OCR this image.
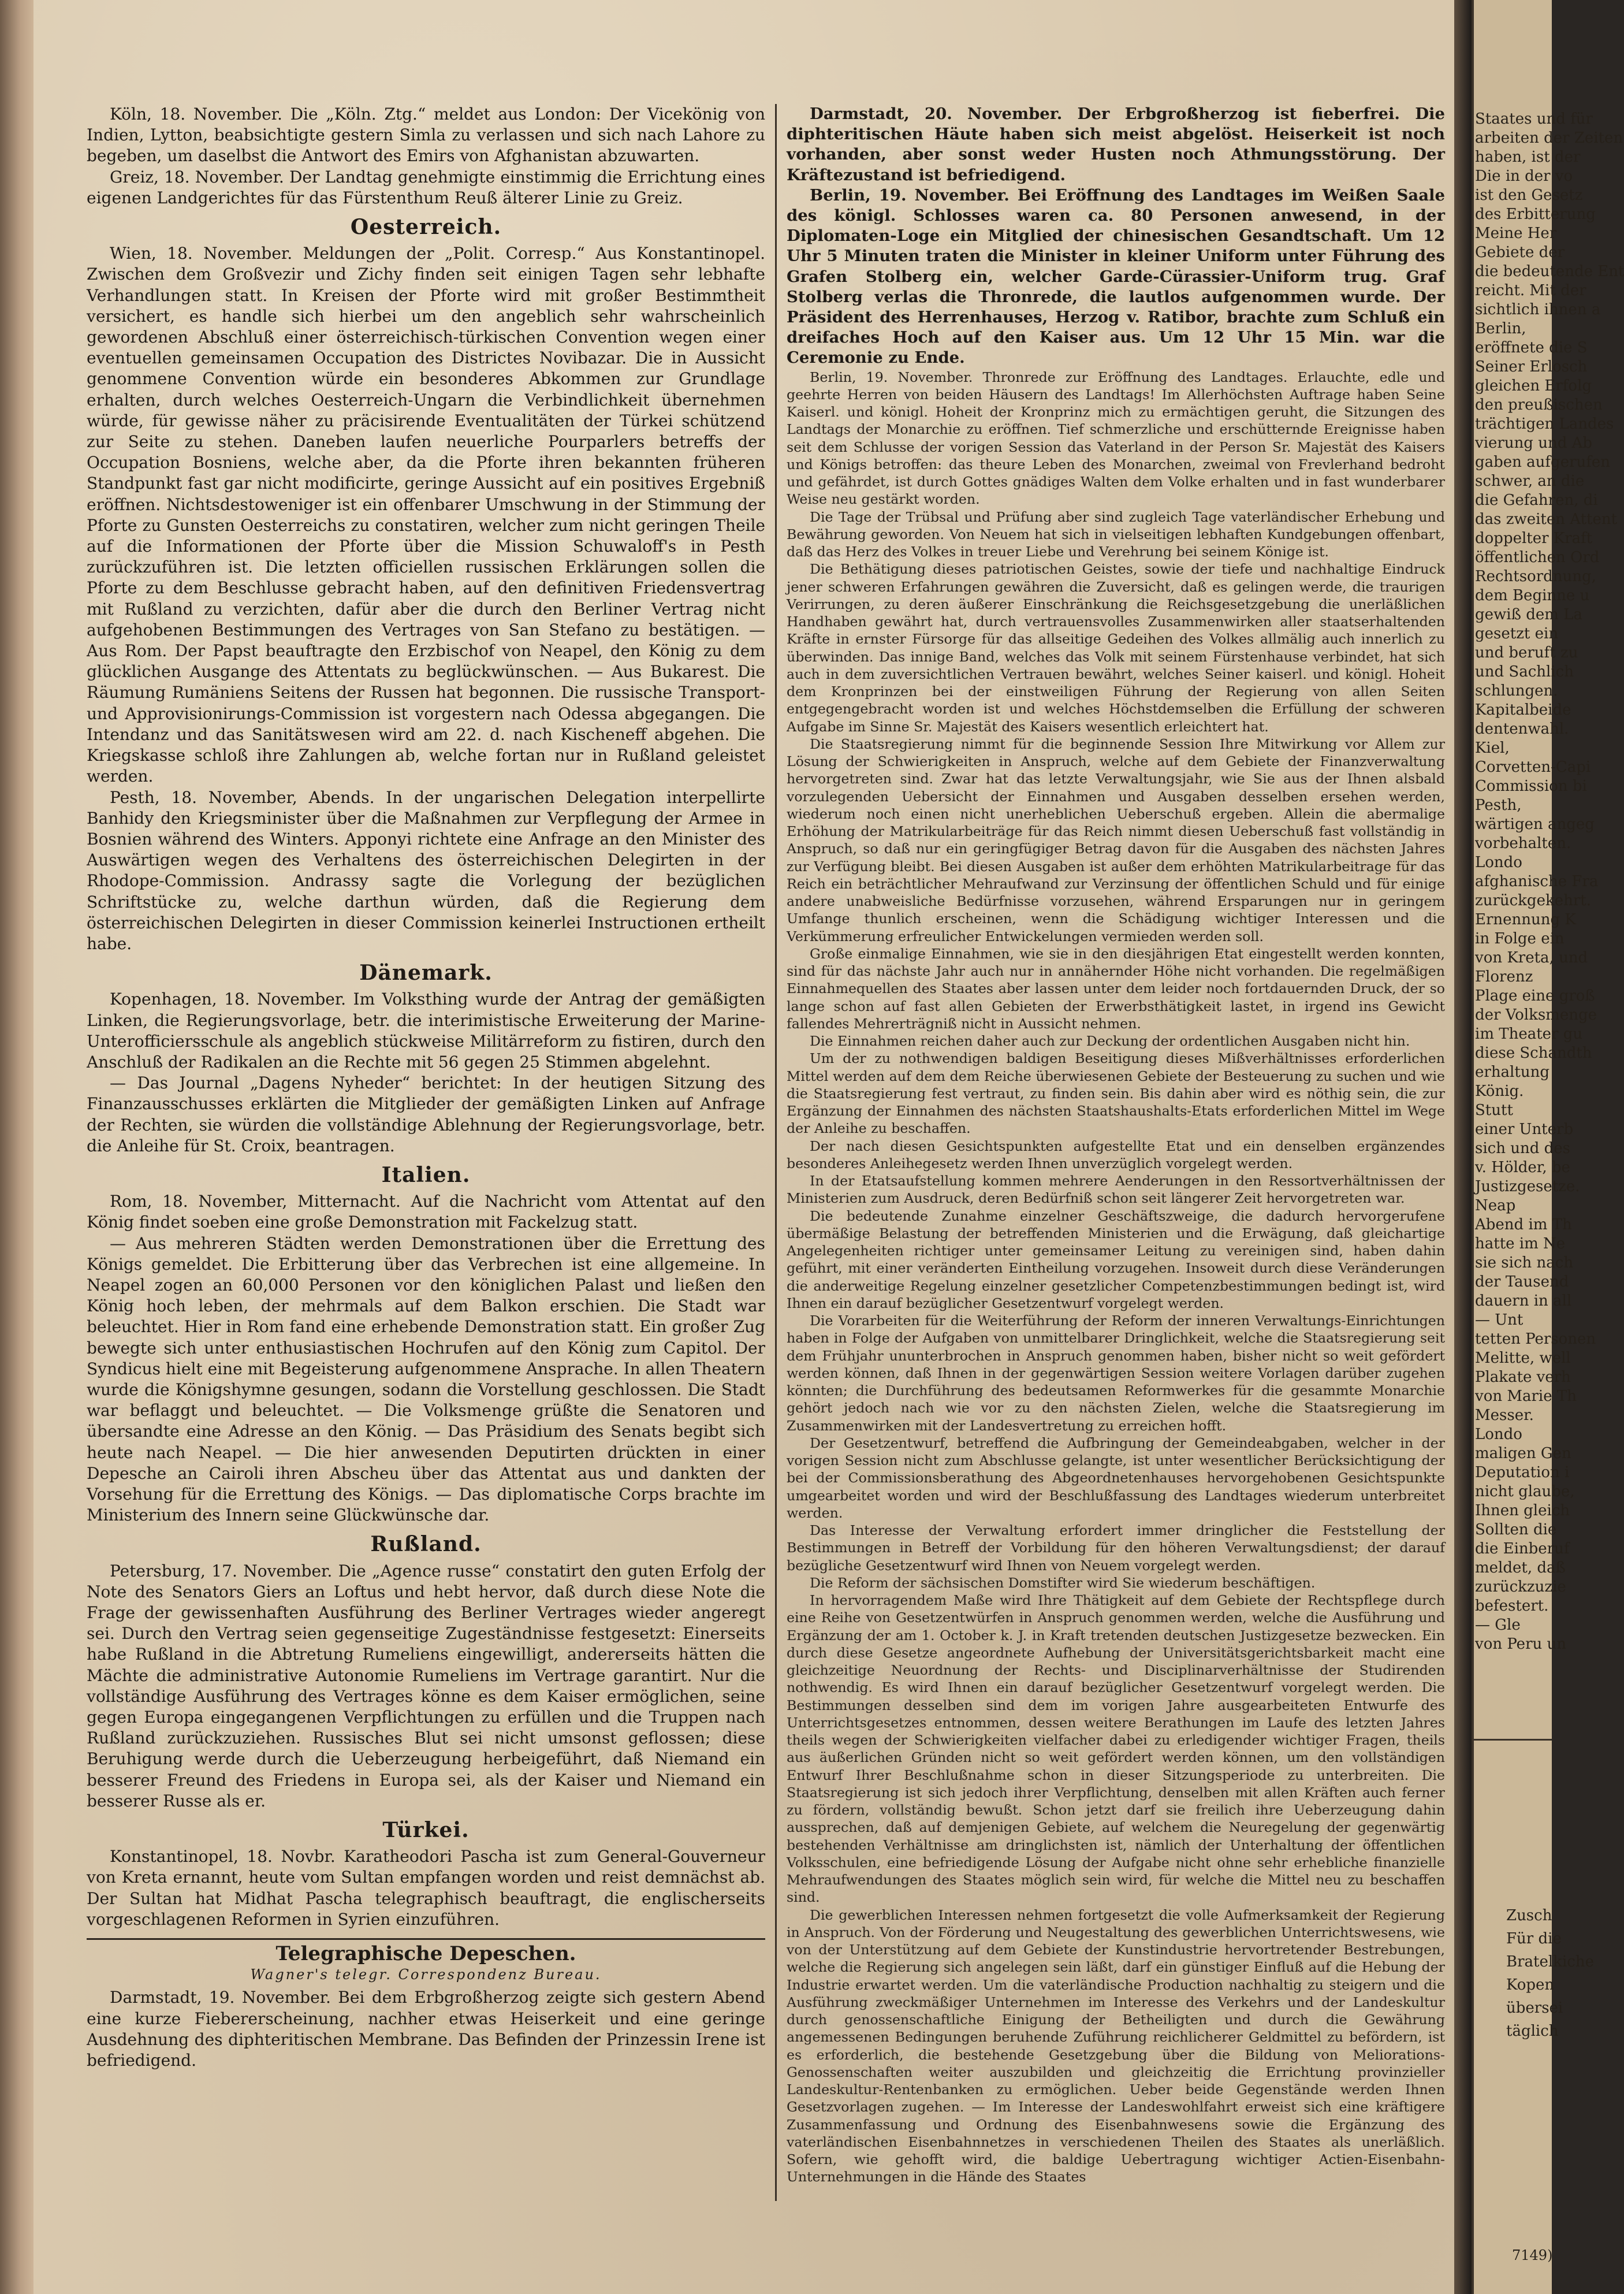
Köln, 18. November. Die „Köln. Ztg.“ meldet aus London: Der Vicekönig von Indien, Lytton, beabsichtigte gestern Simla zu verlassen und sich nach Lahore zu begeben, um daselbst die Antwort des Emirs von Afghanistan abzuwarten.

Greiz, 18. November. Der Landtag genehmigte einstimmig die Errichtung eines eigenen Landgerichtes für das Fürstenthum Reuß älterer Linie zu Greiz.

Oesterreich.

Wien, 18. November. Meldungen der „Polit. Corresp.“ Aus Konstantinopel. Zwischen dem Großvezir und Zichy finden seit einigen Tagen sehr lebhafte Verhandlungen statt. In Kreisen der Pforte wird mit großer Bestimmtheit versichert, es handle sich hierbei um den angeblich sehr wahrscheinlich gewordenen Abschluß einer österreichisch-türkischen Convention wegen einer eventuellen gemeinsamen Occupation des Districtes Novibazar. Die in Aussicht genommene Convention würde ein besonderes Abkommen zur Grundlage erhalten, durch welches Oesterreich-Ungarn die Verbindlichkeit übernehmen würde, für gewisse näher zu präcisirende Eventualitäten der Türkei schützend zur Seite zu stehen. Daneben laufen neuerliche Pourparlers betreffs der Occupation Bosniens, welche aber, da die Pforte ihren bekannten früheren Standpunkt fast gar nicht modificirte, geringe Aussicht auf ein positives Ergebniß eröffnen. Nichtsdestoweniger ist ein offenbarer Umschwung in der Stimmung der Pforte zu Gunsten Oesterreichs zu constatiren, welcher zum nicht geringen Theile auf die Informationen der Pforte über die Mission Schuwaloff's in Pesth zurückzuführen ist. Die letzten officiellen russischen Erklärungen sollen die Pforte zu dem Beschlusse gebracht haben, auf den definitiven Friedensvertrag mit Rußland zu verzichten, dafür aber die durch den Berliner Vertrag nicht aufgehobenen Bestimmungen des Vertrages von San Stefano zu bestätigen. — Aus Rom. Der Papst beauftragte den Erzbischof von Neapel, den König zu dem glücklichen Ausgange des Attentats zu beglückwünschen. — Aus Bukarest. Die Räumung Rumäniens Seitens der Russen hat begonnen. Die russische Transport- und Approvisionirungs-Commission ist vorgestern nach Odessa abgegangen. Die Intendanz und das Sanitätswesen wird am 22. d. nach Kischeneff abgehen. Die Kriegskasse schloß ihre Zahlungen ab, welche fortan nur in Rußland geleistet werden.

Pesth, 18. November, Abends. In der ungarischen Delegation interpellirte Banhidy den Kriegsminister über die Maßnahmen zur Verpflegung der Armee in Bosnien während des Winters. Apponyi richtete eine Anfrage an den Minister des Auswärtigen wegen des Verhaltens des österreichischen Delegirten in der Rhodope-Commission. Andrassy sagte die Vorlegung der bezüglichen Schriftstücke zu, welche darthun würden, daß die Regierung dem österreichischen Delegirten in dieser Commission keinerlei Instructionen ertheilt habe.

Dänemark.

Kopenhagen, 18. November. Im Volksthing wurde der Antrag der gemäßigten Linken, die Regierungsvorlage, betr. die interimistische Erweiterung der Marine-Unterofficiersschule als angeblich stückweise Militärreform zu fistiren, durch den Anschluß der Radikalen an die Rechte mit 56 gegen 25 Stimmen abgelehnt.

— Das Journal „Dagens Nyheder“ berichtet: In der heutigen Sitzung des Finanzausschusses erklärten die Mitglieder der gemäßigten Linken auf Anfrage der Rechten, sie würden die vollständige Ablehnung der Regierungsvorlage, betr. die Anleihe für St. Croix, beantragen.

Italien.

Rom, 18. November, Mitternacht. Auf die Nachricht vom Attentat auf den König findet soeben eine große Demonstration mit Fackelzug statt.

— Aus mehreren Städten werden Demonstrationen über die Errettung des Königs gemeldet. Die Erbitterung über das Verbrechen ist eine allgemeine. In Neapel zogen an 60,000 Personen vor den königlichen Palast und ließen den König hoch leben, der mehrmals auf dem Balkon erschien. Die Stadt war beleuchtet. Hier in Rom fand eine erhebende Demonstration statt. Ein großer Zug bewegte sich unter enthusiastischen Hochrufen auf den König zum Capitol. Der Syndicus hielt eine mit Begeisterung aufgenommene Ansprache. In allen Theatern wurde die Königshymne gesungen, sodann die Vorstellung geschlossen. Die Stadt war beflaggt und beleuchtet. — Die Volksmenge grüßte die Senatoren und übersandte eine Adresse an den König. — Das Präsidium des Senats begibt sich heute nach Neapel. — Die hier anwesenden Deputirten drückten in einer Depesche an Cairoli ihren Abscheu über das Attentat aus und dankten der Vorsehung für die Errettung des Königs. — Das diplomatische Corps brachte im Ministerium des Innern seine Glückwünsche dar.

Rußland.

Petersburg, 17. November. Die „Agence russe“ constatirt den guten Erfolg der Note des Senators Giers an Loftus und hebt hervor, daß durch diese Note die Frage der gewissenhaften Ausführung des Berliner Vertrages wieder angeregt sei. Durch den Vertrag seien gegenseitige Zugeständnisse festgesetzt: Einerseits habe Rußland in die Abtretung Rumeliens eingewilligt, andererseits hätten die Mächte die administrative Autonomie Rumeliens im Vertrage garantirt. Nur die vollständige Ausführung des Vertrages könne es dem Kaiser ermöglichen, seine gegen Europa eingegangenen Verpflichtungen zu erfüllen und die Truppen nach Rußland zurückzuziehen. Russisches Blut sei nicht umsonst geflossen; diese Beruhigung werde durch die Ueberzeugung herbeigeführt, daß Niemand ein besserer Freund des Friedens in Europa sei, als der Kaiser und Niemand ein besserer Russe als er.

Türkei.

Konstantinopel, 18. Novbr. Karatheodori Pascha ist zum General-Gouverneur von Kreta ernannt, heute vom Sultan empfangen worden und reist demnächst ab. Der Sultan hat Midhat Pascha telegraphisch beauftragt, die englischerseits vorgeschlagenen Reformen in Syrien einzuführen.

Telegraphische Depeschen.
Wagner's telegr. Correspondenz Bureau.

Darmstadt, 19. November. Bei dem Erbgroßherzog zeigte sich gestern Abend eine kurze Fiebererscheinung, nachher etwas Heiserkeit und eine geringe Ausdehnung des diphteritischen Membrane. Das Befinden der Prinzessin Irene ist befriedigend.

Darmstadt, 20. November. Der Erbgroßherzog ist fieberfrei. Die diphteritischen Häute haben sich meist abgelöst. Heiserkeit ist noch vorhanden, aber sonst weder Husten noch Athmungsstörung. Der Kräftezustand ist befriedigend.

Berlin, 19. November. Bei Eröffnung des Landtages im Weißen Saale des königl. Schlosses waren ca. 80 Personen anwesend, in der Diplomaten-Loge ein Mitglied der chinesischen Gesandtschaft. Um 12 Uhr 5 Minuten traten die Minister in kleiner Uniform unter Führung des Grafen Stolberg ein, welcher Garde-Cürassier-Uniform trug. Graf Stolberg verlas die Thronrede, die lautlos aufgenommen wurde. Der Präsident des Herrenhauses, Herzog v. Ratibor, brachte zum Schluß ein dreifaches Hoch auf den Kaiser aus. Um 12 Uhr 15 Min. war die Ceremonie zu Ende.

Berlin, 19. November. Thronrede zur Eröffnung des Landtages. Erlauchte, edle und geehrte Herren von beiden Häusern des Landtags! Im Allerhöchsten Auftrage haben Seine Kaiserl. und königl. Hoheit der Kronprinz mich zu ermächtigen geruht, die Sitzungen des Landtags der Monarchie zu eröffnen. Tief schmerzliche und erschütternde Ereignisse haben seit dem Schlusse der vorigen Session das Vaterland in der Person Sr. Majestät des Kaisers und Königs betroffen: das theure Leben des Monarchen, zweimal von Frevlerhand bedroht und gefährdet, ist durch Gottes gnädiges Walten dem Volke erhalten und in fast wunderbarer Weise neu gestärkt worden.

Die Tage der Trübsal und Prüfung aber sind zugleich Tage vaterländischer Erhebung und Bewährung geworden. Von Neuem hat sich in vielseitigen lebhaften Kundgebungen offenbart, daß das Herz des Volkes in treuer Liebe und Verehrung bei seinem Könige ist.

Die Bethätigung dieses patriotischen Geistes, sowie der tiefe und nachhaltige Eindruck jener schweren Erfahrungen gewähren die Zuversicht, daß es gelingen werde, die traurigen Verirrungen, zu deren äußerer Einschränkung die Reichsgesetzgebung die unerläßlichen Handhaben gewährt hat, durch vertrauensvolles Zusammenwirken aller staatserhaltenden Kräfte in ernster Fürsorge für das allseitige Gedeihen des Volkes allmälig auch innerlich zu überwinden. Das innige Band, welches das Volk mit seinem Fürstenhause verbindet, hat sich auch in dem zuversichtlichen Vertrauen bewährt, welches Seiner kaiserl. und königl. Hoheit dem Kronprinzen bei der einstweiligen Führung der Regierung von allen Seiten entgegengebracht worden ist und welches Höchstdemselben die Erfüllung der schweren Aufgabe im Sinne Sr. Majestät des Kaisers wesentlich erleichtert hat.

Die Staatsregierung nimmt für die beginnende Session Ihre Mitwirkung vor Allem zur Lösung der Schwierigkeiten in Anspruch, welche auf dem Gebiete der Finanzverwaltung hervorgetreten sind. Zwar hat das letzte Verwaltungsjahr, wie Sie aus der Ihnen alsbald vorzulegenden Uebersicht der Einnahmen und Ausgaben desselben ersehen werden, wiederum noch einen nicht unerheblichen Ueberschuß ergeben. Allein die abermalige Erhöhung der Matrikularbeiträge für das Reich nimmt diesen Ueberschuß fast vollständig in Anspruch, so daß nur ein geringfügiger Betrag davon für die Ausgaben des nächsten Jahres zur Verfügung bleibt. Bei diesen Ausgaben ist außer dem erhöhten Matrikularbeitrage für das Reich ein beträchtlicher Mehraufwand zur Verzinsung der öffentlichen Schuld und für einige andere unabweisliche Bedürfnisse vorzusehen, während Ersparungen nur in geringem Umfange thunlich erscheinen, wenn die Schädigung wichtiger Interessen und die Verkümmerung erfreulicher Entwickelungen vermieden werden soll.

Große einmalige Einnahmen, wie sie in den diesjährigen Etat eingestellt werden konnten, sind für das nächste Jahr auch nur in annähernder Höhe nicht vorhanden. Die regelmäßigen Einnahmequellen des Staates aber lassen unter dem leider noch fortdauernden Druck, der so lange schon auf fast allen Gebieten der Erwerbsthätigkeit lastet, in irgend ins Gewicht fallendes Mehrerträgniß nicht in Aussicht nehmen.

Die Einnahmen reichen daher auch zur Deckung der ordentlichen Ausgaben nicht hin.

Um der zu nothwendigen baldigen Beseitigung dieses Mißverhältnisses erforderlichen Mittel werden auf dem dem Reiche überwiesenen Gebiete der Besteuerung zu suchen und wie die Staatsregierung fest vertraut, zu finden sein. Bis dahin aber wird es nöthig sein, die zur Ergänzung der Einnahmen des nächsten Staatshaushalts-Etats erforderlichen Mittel im Wege der Anleihe zu beschaffen.

Der nach diesen Gesichtspunkten aufgestellte Etat und ein denselben ergänzendes besonderes Anleihegesetz werden Ihnen unverzüglich vorgelegt werden.

In der Etatsaufstellung kommen mehrere Aenderungen in den Ressortverhältnissen der Ministerien zum Ausdruck, deren Bedürfniß schon seit längerer Zeit hervorgetreten war.

Die bedeutende Zunahme einzelner Geschäftszweige, die dadurch hervorgerufene übermäßige Belastung der betreffenden Ministerien und die Erwägung, daß gleichartige Angelegenheiten richtiger unter gemeinsamer Leitung zu vereinigen sind, haben dahin geführt, mit einer veränderten Eintheilung vorzugehen. Insoweit durch diese Veränderungen die anderweitige Regelung einzelner gesetzlicher Competenzbestimmungen bedingt ist, wird Ihnen ein darauf bezüglicher Gesetzentwurf vorgelegt werden.

Die Vorarbeiten für die Weiterführung der Reform der inneren Verwaltungs-Einrichtungen haben in Folge der Aufgaben von unmittelbarer Dringlichkeit, welche die Staatsregierung seit dem Frühjahr ununterbrochen in Anspruch genommen haben, bisher nicht so weit gefördert werden können, daß Ihnen in der gegenwärtigen Session weitere Vorlagen darüber zugehen könnten; die Durchführung des bedeutsamen Reformwerkes für die gesammte Monarchie gehört jedoch nach wie vor zu den nächsten Zielen, welche die Staatsregierung im Zusammenwirken mit der Landesvertretung zu erreichen hofft.

Der Gesetzentwurf, betreffend die Aufbringung der Gemeindeabgaben, welcher in der vorigen Session nicht zum Abschlusse gelangte, ist unter wesentlicher Berücksichtigung der bei der Commissionsberathung des Abgeordnetenhauses hervorgehobenen Gesichtspunkte umgearbeitet worden und wird der Beschlußfassung des Landtages wiederum unterbreitet werden.

Das Interesse der Verwaltung erfordert immer dringlicher die Feststellung der Bestimmungen in Betreff der Vorbildung für den höheren Verwaltungsdienst; der darauf bezügliche Gesetzentwurf wird Ihnen von Neuem vorgelegt werden.

Die Reform der sächsischen Domstifter wird Sie wiederum beschäftigen.

In hervorragendem Maße wird Ihre Thätigkeit auf dem Gebiete der Rechtspflege durch eine Reihe von Gesetzentwürfen in Anspruch genommen werden, welche die Ausführung und Ergänzung der am 1. October k. J. in Kraft tretenden deutschen Justizgesetze bezwecken. Ein durch diese Gesetze angeordnete Aufhebung der Universitätsgerichtsbarkeit macht eine gleichzeitige Neuordnung der Rechts- und Disciplinarverhältnisse der Studirenden nothwendig. Es wird Ihnen ein darauf bezüglicher Gesetzentwurf vorgelegt werden. Die Bestimmungen desselben sind dem im vorigen Jahre ausgearbeiteten Entwurfe des Unterrichtsgesetzes entnommen, dessen weitere Berathungen im Laufe des letzten Jahres theils wegen der Schwierigkeiten vielfacher dabei zu erledigender wichtiger Fragen, theils aus äußerlichen Gründen nicht so weit gefördert werden können, um den vollständigen Entwurf Ihrer Beschlußnahme schon in dieser Sitzungsperiode zu unterbreiten. Die Staatsregierung ist sich jedoch ihrer Verpflichtung, denselben mit allen Kräften auch ferner zu fördern, vollständig bewußt. Schon jetzt darf sie freilich ihre Ueberzeugung dahin aussprechen, daß auf demjenigen Gebiete, auf welchem die Neuregelung der gegenwärtig bestehenden Verhältnisse am dringlichsten ist, nämlich der Unterhaltung der öffentlichen Volksschulen, eine befriedigende Lösung der Aufgabe nicht ohne sehr erhebliche finanzielle Mehraufwendungen des Staates möglich sein wird, für welche die Mittel neu zu beschaffen sind.

Die gewerblichen Interessen nehmen fortgesetzt die volle Aufmerksamkeit der Regierung in Anspruch. Von der Förderung und Neugestaltung des gewerblichen Unterrichtswesens, wie von der Unterstützung auf dem Gebiete der Kunstindustrie hervortretender Bestrebungen, welche die Regierung sich angelegen sein läßt, darf ein günstiger Einfluß auf die Hebung der Industrie erwartet werden. Um die vaterländische Production nachhaltig zu steigern und die Ausführung zweckmäßiger Unternehmen im Interesse des Verkehrs und der Landeskultur durch genossenschaftliche Einigung der Betheiligten und durch die Gewährung angemessenen Bedingungen beruhende Zuführung reichlicherer Geldmittel zu befördern, ist es erforderlich, die bestehende Gesetzgebung über die Bildung von Meliorations-Genossenschaften weiter auszubilden und gleichzeitig die Errichtung provinzieller Landeskultur-Rentenbanken zu ermöglichen. Ueber beide Gegenstände werden Ihnen Gesetzvorlagen zugehen. — Im Interesse der Landeswohlfahrt erweist sich eine kräftigere Zusammenfassung und Ordnung des Eisenbahnwesens sowie die Ergänzung des vaterländischen Eisenbahnnetzes in verschiedenen Theilen des Staates als unerläßlich. Sofern, wie gehofft wird, die baldige Uebertragung wichtiger Actien-Eisenbahn-Unternehmungen in die Hände des Staates

Staates und für
arbeiten der Zeiten
haben, ist der
Die in der vo
ist den Gesetz
des Erbitterung
Meine Her
Gebiete der
die bedeutende Ent
reicht. Mit der
sichtlich ihnen a
Berlin,
eröffnete die S
Seiner Erlosch
gleichen Erfolg
den preußischen
trächtigen Landes
vierung und Ab
gaben aufgerufen
schwer, an die
die Gefahren, di
das zweiten Attent
doppelter Kraft
öffentlichen Ord
Rechtsordnung,
dem Beginne u
gewiß dem La
gesetzt ein
und beruft zu
und Sachlich
schlungen.
Kapitalbeide
dentenwahl.
Kiel,
Corvetten-Capi
Commission bi
Pesth,
wärtigen angeg
vorbehalten.
Londo
afghanische Fra
zurückgekehrt.
Ernennung K
in Folge ein
von Kreta, und
Florenz
Plage eine groß
der Volksmenge
im Theater gu
diese Schandth
erhaltung
König.
Stutt
einer Unterb
sich und des
v. Hölder, be
Justizgesetze.
Neap
Abend im Th
hatte im Ne
sie sich nach
der Tausend
dauern in all
— Unt
tetten Personen
Melitte, well
Plakate verh
von Marie Th
Messer.
Londo
maligen Gen
Deputation i
nicht glaube,
Ihnen gleich
Sollten die
die Einberuf
meldet, daß
zurückzuzie
befestert.
— Gle
von Peru un
Zusch
Für die
Bratelkiche
Kopen
übersei
täglich
7149)
